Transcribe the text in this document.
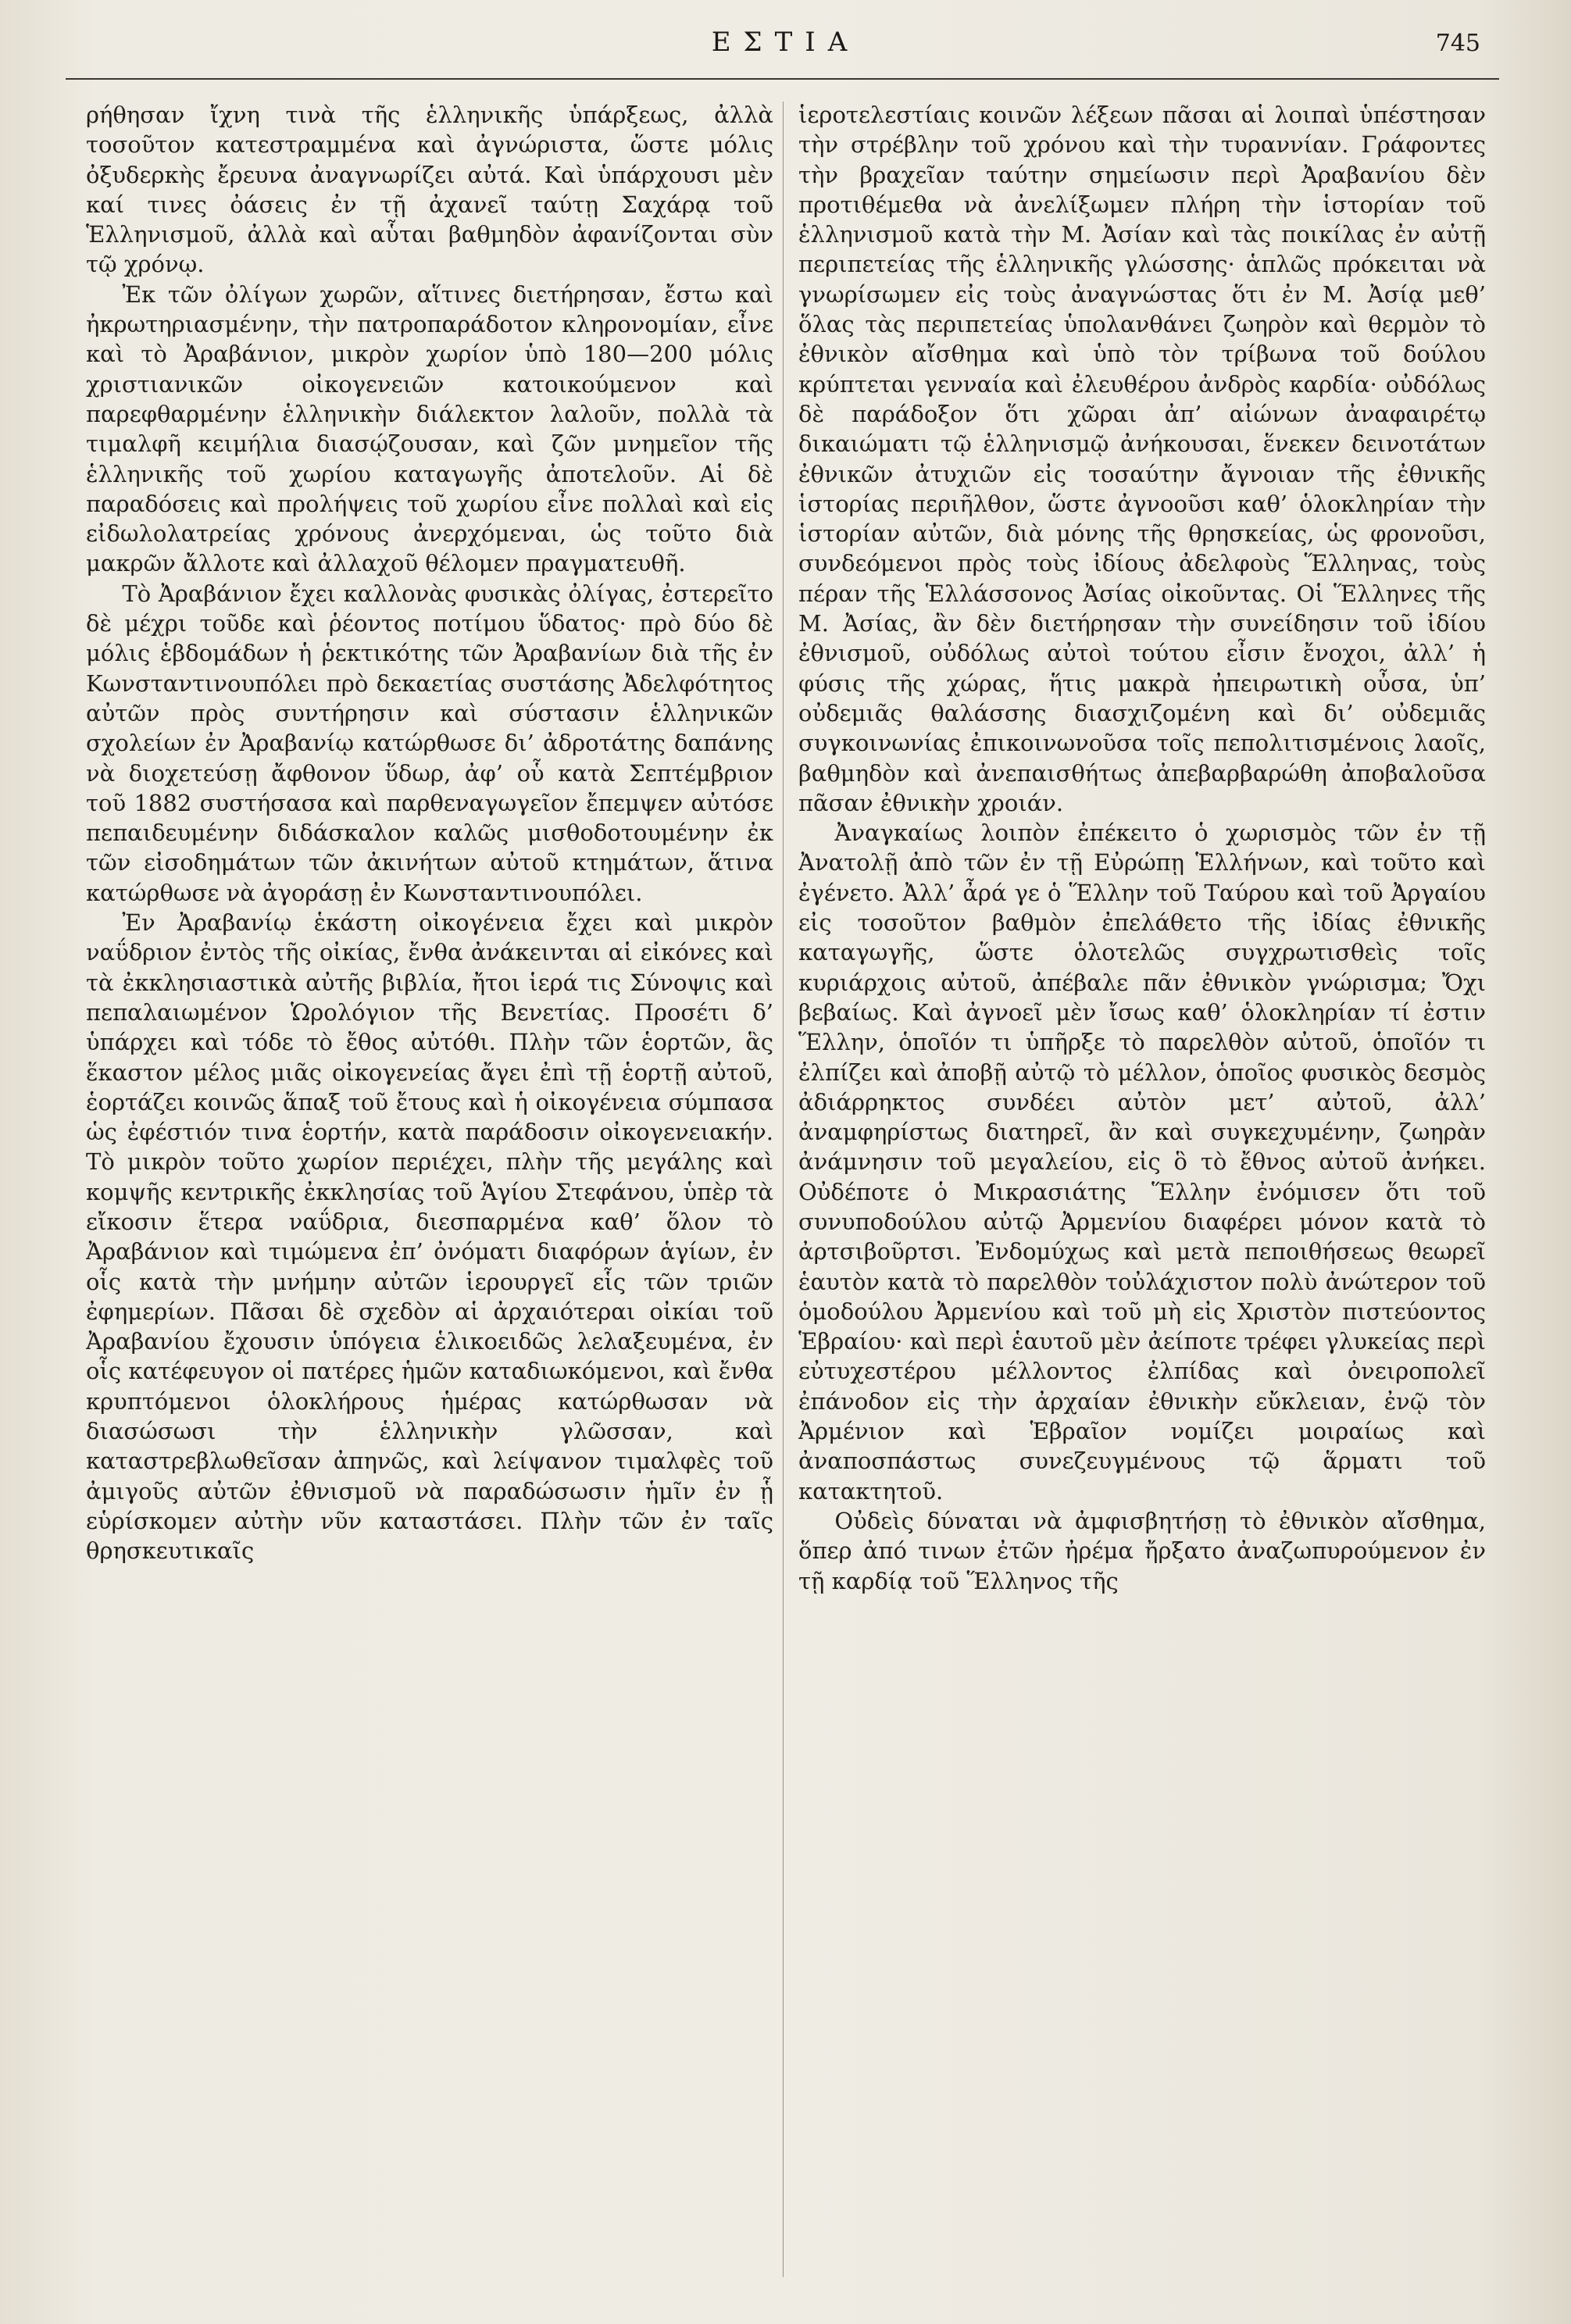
ΕΣΤΙΑ	745

ρήθησαν ἴχνη τινὰ τῆς ἑλληνικῆς ὑπάρξεως, ἀλλὰ τοσοῦτον κατεστραμμένα καὶ ἀγνώριστα, ὥστε μόλις ὀξυδερκὴς ἔρευνα ἀναγνωρίζει αὐτά. Καὶ ὑπάρχουσι μὲν καί τινες ὀάσεις ἐν τῇ ἀχανεῖ ταύτῃ Σαχάρᾳ τοῦ Ἑλληνισμοῦ, ἀλλὰ καὶ αὗται βαθμηδὸν ἀφανίζονται σὺν τῷ χρόνῳ.

Ἐκ τῶν ὀλίγων χωρῶν, αἵτινες διετήρησαν, ἔστω καὶ ἠκρωτηριασμένην, τὴν πατροπαράδοτον κληρονομίαν, εἶνε καὶ τὸ Ἀραβάνιον, μικρὸν χωρίον ὑπὸ 180—200 μόλις χριστιανικῶν οἰκογενειῶν κατοικούμενον καὶ παρεφθαρμένην ἑλληνικὴν διάλεκτον λαλοῦν, πολλὰ τὰ τιμαλφῆ κειμήλια διασῴζουσαν, καὶ ζῶν μνημεῖον τῆς ἑλληνικῆς τοῦ χωρίου καταγωγῆς ἀποτελοῦν. Αἱ δὲ παραδόσεις καὶ προλήψεις τοῦ χωρίου εἶνε πολλαὶ καὶ εἰς εἰδωλολατρείας χρόνους ἀνερχόμεναι, ὡς τοῦτο διὰ μακρῶν ἄλλοτε καὶ ἀλλαχοῦ θέλομεν πραγματευθῆ.

Τὸ Ἀραβάνιον ἔχει καλλονὰς φυσικὰς ὀλίγας, ἐστερεῖτο δὲ μέχρι τοῦδε καὶ ῥέοντος ποτίμου ὕδατος· πρὸ δύο δὲ μόλις ἑβδομάδων ἡ ῥεκτικότης τῶν Ἀραβανίων διὰ τῆς ἐν Κωνσταντινουπόλει πρὸ δεκαετίας συστάσης Ἀδελφότητος αὐτῶν πρὸς συντήρησιν καὶ σύστασιν ἑλληνικῶν σχολείων ἐν Ἀραβανίῳ κατώρθωσε δι’ ἀδροτάτης δαπάνης νὰ διοχετεύσῃ ἄφθονον ὕδωρ, ἀφ’ οὗ κατὰ Σεπτέμβριον τοῦ 1882 συστήσασα καὶ παρθεναγωγεῖον ἔπεμψεν αὐτόσε πεπαιδευμένην διδάσκαλον καλῶς μισθοδοτουμένην ἐκ τῶν εἰσοδημάτων τῶν ἀκινήτων αὐτοῦ κτημάτων, ἅτινα κατώρθωσε νὰ ἀγοράσῃ ἐν Κωνσταντινουπόλει.

Ἐν Ἀραβανίῳ ἑκάστη οἰκογένεια ἔχει καὶ μικρὸν ναΰδριον ἐντὸς τῆς οἰκίας, ἔνθα ἀνάκεινται αἱ εἰκόνες καὶ τὰ ἐκκλησιαστικὰ αὐτῆς βιβλία, ἤτοι ἱερά τις Σύνοψις καὶ πεπαλαιωμένον Ὡρολόγιον τῆς Βενετίας. Προσέτι δ’ ὑπάρχει καὶ τόδε τὸ ἔθος αὐτόθι. Πλὴν τῶν ἑορτῶν, ἃς ἕκαστον μέλος μιᾶς οἰκογενείας ἄγει ἐπὶ τῇ ἑορτῇ αὐτοῦ, ἑορτάζει κοινῶς ἅπαξ τοῦ ἔτους καὶ ἡ οἰκογένεια σύμπασα ὡς ἐφέστιόν τινα ἑορτήν, κατὰ παράδοσιν οἰκογενειακήν. Τὸ μικρὸν τοῦτο χωρίον περιέχει, πλὴν τῆς μεγάλης καὶ κομψῆς κεντρικῆς ἐκκλησίας τοῦ Ἁγίου Στεφάνου, ὑπὲρ τὰ εἴκοσιν ἕτερα ναΰδρια, διεσπαρμένα καθ’ ὅλον τὸ Ἀραβάνιον καὶ τιμώμενα ἐπ’ ὀνόματι διαφόρων ἁγίων, ἐν οἷς κατὰ τὴν μνήμην αὐτῶν ἱερουργεῖ εἷς τῶν τριῶν ἐφημερίων. Πᾶσαι δὲ σχεδὸν αἱ ἀρχαιότεραι οἰκίαι τοῦ Ἀραβανίου ἔχουσιν ὑπόγεια ἑλικοειδῶς λελαξευμένα, ἐν οἷς κατέφευγον οἱ πατέρες ἡμῶν καταδιωκόμενοι, καὶ ἔνθα κρυπτόμενοι ὁλοκλήρους ἡμέρας κατώρθωσαν νὰ διασώσωσι τὴν ἑλληνικὴν γλῶσσαν, καὶ καταστρεβλωθεῖσαν ἀπηνῶς, καὶ λείψανον τιμαλφὲς τοῦ ἀμιγοῦς αὐτῶν ἐθνισμοῦ νὰ παραδώσωσιν ἡμῖν ἐν ᾗ εὑρίσκομεν αὐτὴν νῦν καταστάσει. Πλὴν τῶν ἐν ταῖς θρησκευτικαῖς

ἱεροτελεστίαις κοινῶν λέξεων πᾶσαι αἱ λοιπαὶ ὑπέστησαν τὴν στρέβλην τοῦ χρόνου καὶ τὴν τυραννίαν. Γράφοντες τὴν βραχεῖαν ταύτην σημείωσιν περὶ Ἀραβανίου δὲν προτιθέμεθα νὰ ἀνελίξωμεν πλήρη τὴν ἱστορίαν τοῦ ἑλληνισμοῦ κατὰ τὴν Μ. Ἀσίαν καὶ τὰς ποικίλας ἐν αὐτῇ περιπετείας τῆς ἑλληνικῆς γλώσσης· ἁπλῶς πρόκειται νὰ γνωρίσωμεν εἰς τοὺς ἀναγνώστας ὅτι ἐν Μ. Ἀσίᾳ μεθ’ ὅλας τὰς περιπετείας ὑπολανθάνει ζωηρὸν καὶ θερμὸν τὸ ἐθνικὸν αἴσθημα καὶ ὑπὸ τὸν τρίβωνα τοῦ δούλου κρύπτεται γενναία καὶ ἐλευθέρου ἀνδρὸς καρδία· οὐδόλως δὲ παράδοξον ὅτι χῶραι ἀπ’ αἰώνων ἀναφαιρέτῳ δικαιώματι τῷ ἑλληνισμῷ ἀνήκουσαι, ἕνεκεν δεινοτάτων ἐθνικῶν ἀτυχιῶν εἰς τοσαύτην ἄγνοιαν τῆς ἐθνικῆς ἱστορίας περιῆλθον, ὥστε ἀγνοοῦσι καθ’ ὁλοκληρίαν τὴν ἱστορίαν αὐτῶν, διὰ μόνης τῆς θρησκείας, ὡς φρονοῦσι, συνδεόμενοι πρὸς τοὺς ἰδίους ἀδελφοὺς Ἕλληνας, τοὺς πέραν τῆς Ἑλλάσσονος Ἀσίας οἰκοῦντας. Οἱ Ἕλληνες τῆς Μ. Ἀσίας, ἂν δὲν διετήρησαν τὴν συνείδησιν τοῦ ἰδίου ἐθνισμοῦ, οὐδόλως αὐτοὶ τούτου εἶσιν ἔνοχοι, ἀλλ’ ἡ φύσις τῆς χώρας, ἥτις μακρὰ ἠπειρωτικὴ οὖσα, ὑπ’ οὐδεμιᾶς θαλάσσης διασχιζομένη καὶ δι’ οὐδεμιᾶς συγκοινωνίας ἐπικοινωνοῦσα τοῖς πεπολιτισμένοις λαοῖς, βαθμηδὸν καὶ ἀνεπαισθήτως ἀπεβαρβαρώθη ἀποβαλοῦσα πᾶσαν ἐθνικὴν χροιάν.

Ἀναγκαίως λοιπὸν ἐπέκειτο ὁ χωρισμὸς τῶν ἐν τῇ Ἀνατολῇ ἀπὸ τῶν ἐν τῇ Εὐρώπῃ Ἑλλήνων, καὶ τοῦτο καὶ ἐγένετο. Ἀλλ’ ἆρά γε ὁ Ἕλλην τοῦ Ταύρου καὶ τοῦ Ἀργαίου εἰς τοσοῦτον βαθμὸν ἐπελάθετο τῆς ἰδίας ἐθνικῆς καταγωγῆς, ὥστε ὁλοτελῶς συγχρωτισθεὶς τοῖς κυριάρχοις αὐτοῦ, ἀπέβαλε πᾶν ἐθνικὸν γνώρισμα; Ὄχι βεβαίως. Καὶ ἀγνοεῖ μὲν ἴσως καθ’ ὁλοκληρίαν τί ἐστιν Ἕλλην, ὁποῖόν τι ὑπῆρξε τὸ παρελθὸν αὐτοῦ, ὁποῖόν τι ἐλπίζει καὶ ἀποβῇ αὐτῷ τὸ μέλλον, ὁποῖος φυσικὸς δεσμὸς ἀδιάρρηκτος συνδέει αὐτὸν μετ’ αὐτοῦ, ἀλλ’ ἀναμφηρίστως διατηρεῖ, ἂν καὶ συγκεχυμένην, ζωηρὰν ἀνάμνησιν τοῦ μεγαλείου, εἰς ὃ τὸ ἔθνος αὐτοῦ ἀνήκει. Οὐδέποτε ὁ Μικρασιάτης Ἕλλην ἐνόμισεν ὅτι τοῦ συνυποδούλου αὐτῷ Ἀρμενίου διαφέρει μόνον κατὰ τὸ ἀρτσιβοῦρτσι. Ἐνδομύχως καὶ μετὰ πεποιθήσεως θεωρεῖ ἑαυτὸν κατὰ τὸ παρελθὸν τοὐλάχιστον πολὺ ἀνώτερον τοῦ ὁμοδούλου Ἀρμενίου καὶ τοῦ μὴ εἰς Χριστὸν πιστεύοντος Ἑβραίου· καὶ περὶ ἑαυτοῦ μὲν ἀείποτε τρέφει γλυκείας περὶ εὐτυχεστέρου μέλλοντος ἐλπίδας καὶ ὀνειροπολεῖ ἐπάνοδον εἰς τὴν ἀρχαίαν ἐθνικὴν εὔκλειαν, ἐνῷ τὸν Ἀρμένιον καὶ Ἑβραῖον νομίζει μοιραίως καὶ ἀναποσπάστως συνεζευγμένους τῷ ἅρματι τοῦ κατακτητοῦ.

Οὐδεὶς δύναται νὰ ἀμφισβητήσῃ τὸ ἐθνικὸν αἴσθημα, ὅπερ ἀπό τινων ἐτῶν ἠρέμα ἤρξατο ἀναζωπυρούμενον ἐν τῇ καρδίᾳ τοῦ Ἕλληνος τῆς
